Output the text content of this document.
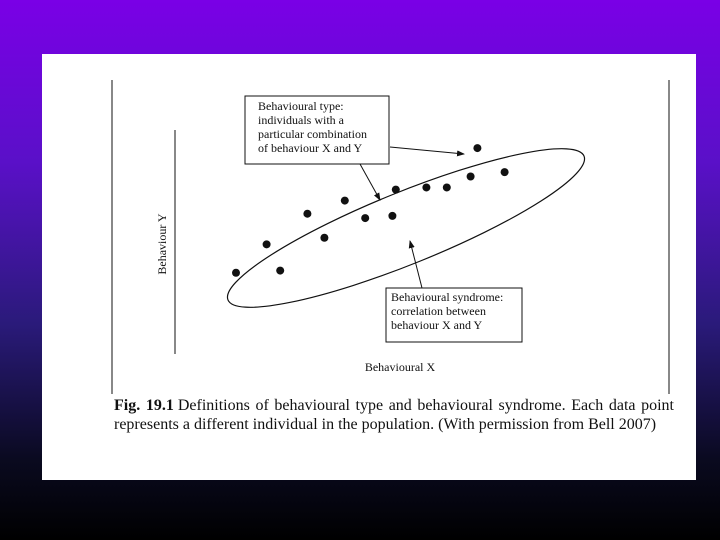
Behaviour Y
Behavioural X
Behavioural type:
individuals with a
particular combination
of behaviour X and Y
Behavioural syndrome:
correlation between
behaviour X and Y
Fig. 19.1 Definitions of behavioural type and behavioural syndrome. Each data point represents a different individual in the population. (With permission from Bell 2007)
